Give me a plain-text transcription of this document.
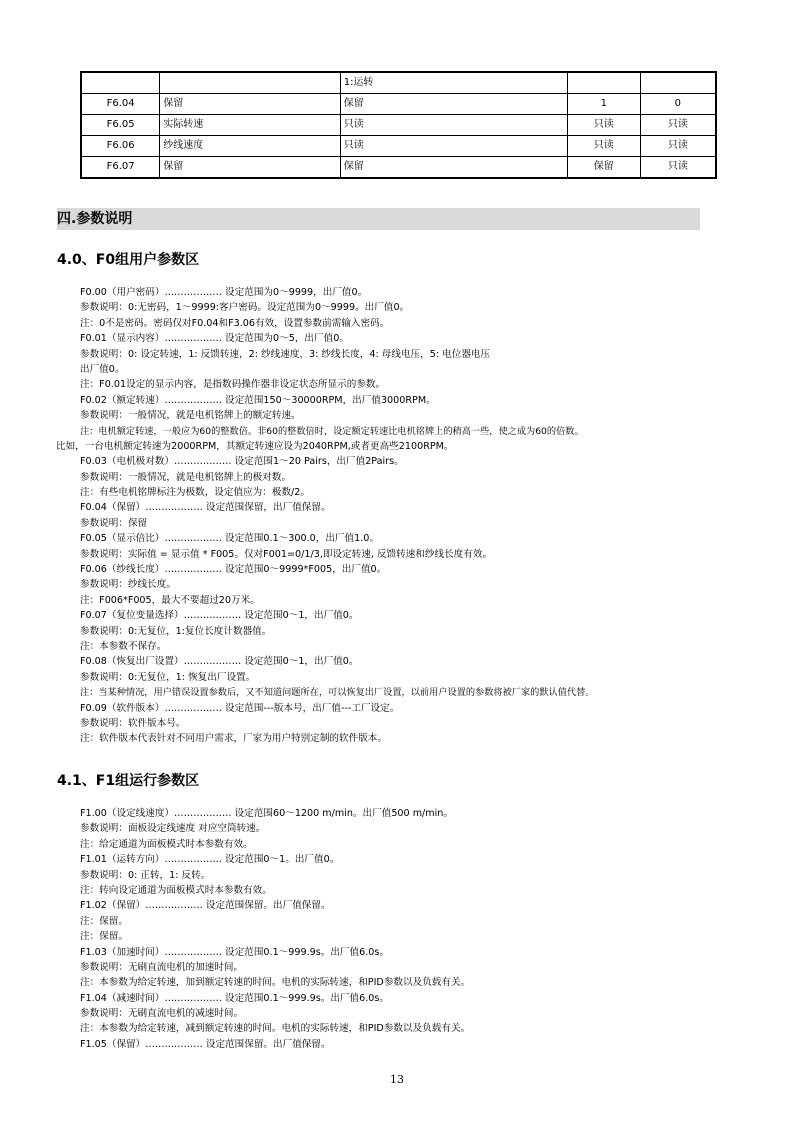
		1:运转		
F6.04	保留	保留	1	0
F6.05	实际转速	只读	只读	只读
F6.06	纱线速度	只读	只读	只读
F6.07	保留	保留	保留	只读
四.参数说明
4.0、F0组用户参数区
F0.00（用户密码）……………… 设定范围为0～9999，出厂值0。
参数说明：0:无密码，1～9999:客户密码。设定范围为0～9999。出厂值0。
注：0不是密码。密码仅对F0.04和F3.06有效，设置参数前需输入密码。
F0.01（显示内容）……………… 设定范围为0～5，出厂值0。
参数说明：0: 设定转速，1: 反馈转速，2: 纱线速度，3: 纱线长度，4: 母线电压，5: 电位器电压
出厂值0。
注：F0.01设定的显示内容，是指数码操作器非设定状态所显示的参数。
F0.02（额定转速）……………… 设定范围150～30000RPM，出厂值3000RPM。
参数说明：一般情况，就是电机铭牌上的额定转速。
注：电机额定转速，一般应为60的整数倍。非60的整数倍时，设定额定转速比电机铭牌上的稍高一些，使之成为60的倍数。
比如，一台电机额定转速为2000RPM，其额定转速应设为2040RPM,或者更高些2100RPM。
F0.03（电机极对数）……………… 设定范围1～20 Pairs，出厂值2Pairs。
参数说明：一般情况，就是电机铭牌上的极对数。
注：有些电机铭牌标注为极数，设定值应为：极数/2。
F0.04（保留）……………… 设定范围保留，出厂值保留。
参数说明：保留
F0.05（显示倍比）……………… 设定范围0.1～300.0，出厂值1.0。
参数说明：实际值 = 显示值 * F005。仅对F001=0/1/3,即设定转速, 反馈转速和纱线长度有效。
F0.06（纱线长度）……………… 设定范围0～9999*F005，出厂值0。
参数说明：纱线长度。
注：F006*F005，最大不要超过20万米。
F0.07（复位变量选择）……………… 设定范围0～1，出厂值0。
参数说明：0:无复位，1:复位长度计数器值。
注：本参数不保存。
F0.08（恢复出厂设置）……………… 设定范围0～1，出厂值0。
参数说明：0:无复位，1: 恢复出厂设置。
注：当某种情况，用户错误设置参数后，又不知道问题所在，可以恢复出厂设置，以前用户设置的参数将被厂家的默认值代替。
F0.09（软件版本）……………… 设定范围---版本号，出厂值---工厂设定。
参数说明：软件版本号。
注：软件版本代表针对不同用户需求，厂家为用户特别定制的软件版本。
4.1、F1组运行参数区
F1.00（设定线速度）……………… 设定范围60～1200 m/min。出厂值500 m/min。
参数说明：面板设定线速度 对应空筒转速。
注：给定通道为面板模式时本参数有效。
F1.01（运转方向）……………… 设定范围0～1。出厂值0。
参数说明：0: 正转，1: 反转。
注：转向设定通道为面板模式时本参数有效。
F1.02（保留）……………… 设定范围保留。出厂值保留。
注：保留。
注：保留。
F1.03（加速时间）……………… 设定范围0.1～999.9s。出厂值6.0s。
参数说明：无刷直流电机的加速时间。
注：本参数为给定转速，加到额定转速的时间。电机的实际转速，和PID参数以及负载有关。
F1.04（减速时间）……………… 设定范围0.1～999.9s。出厂值6.0s。
参数说明：无刷直流电机的减速时间。
注：本参数为给定转速，减到额定转速的时间。电机的实际转速，和PID参数以及负载有关。
F1.05（保留）……………… 设定范围保留。出厂值保留。
13
